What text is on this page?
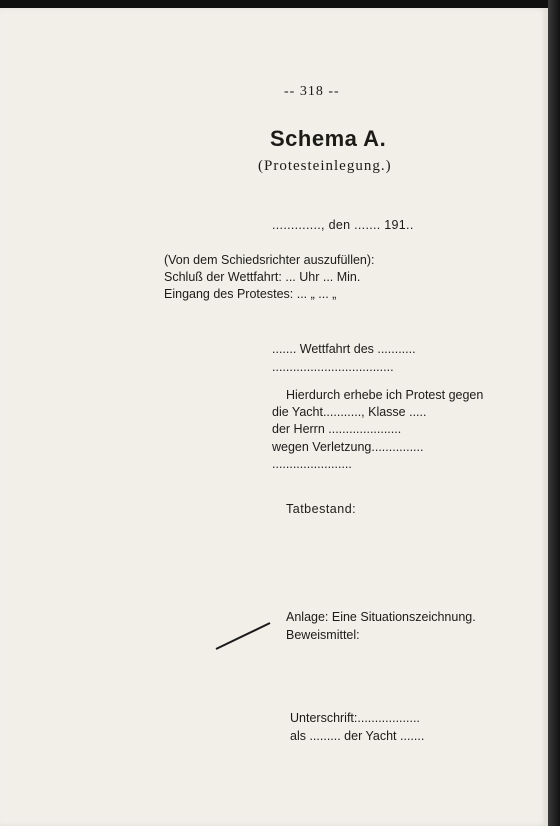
-- 318 --
Schema A.
(Protesteinlegung.)
............., den ....... 191..
(Von dem Schiedsrichter auszufüllen):
Schluß der Wettfahrt: ... Uhr ... Min.
Eingang des Protestes: ... „ ... „
....... Wettfahrt des ...........
...................................
Hierdurch erhebe ich Protest gegen
die Yacht..........., Klasse .....
der Herrn .....................
wegen Verletzung...............
.......................
Tatbestand:
Anlage: Eine Situationszeichnung.
Beweismittel:
Unterschrift:..................
als ......... der Yacht .......
